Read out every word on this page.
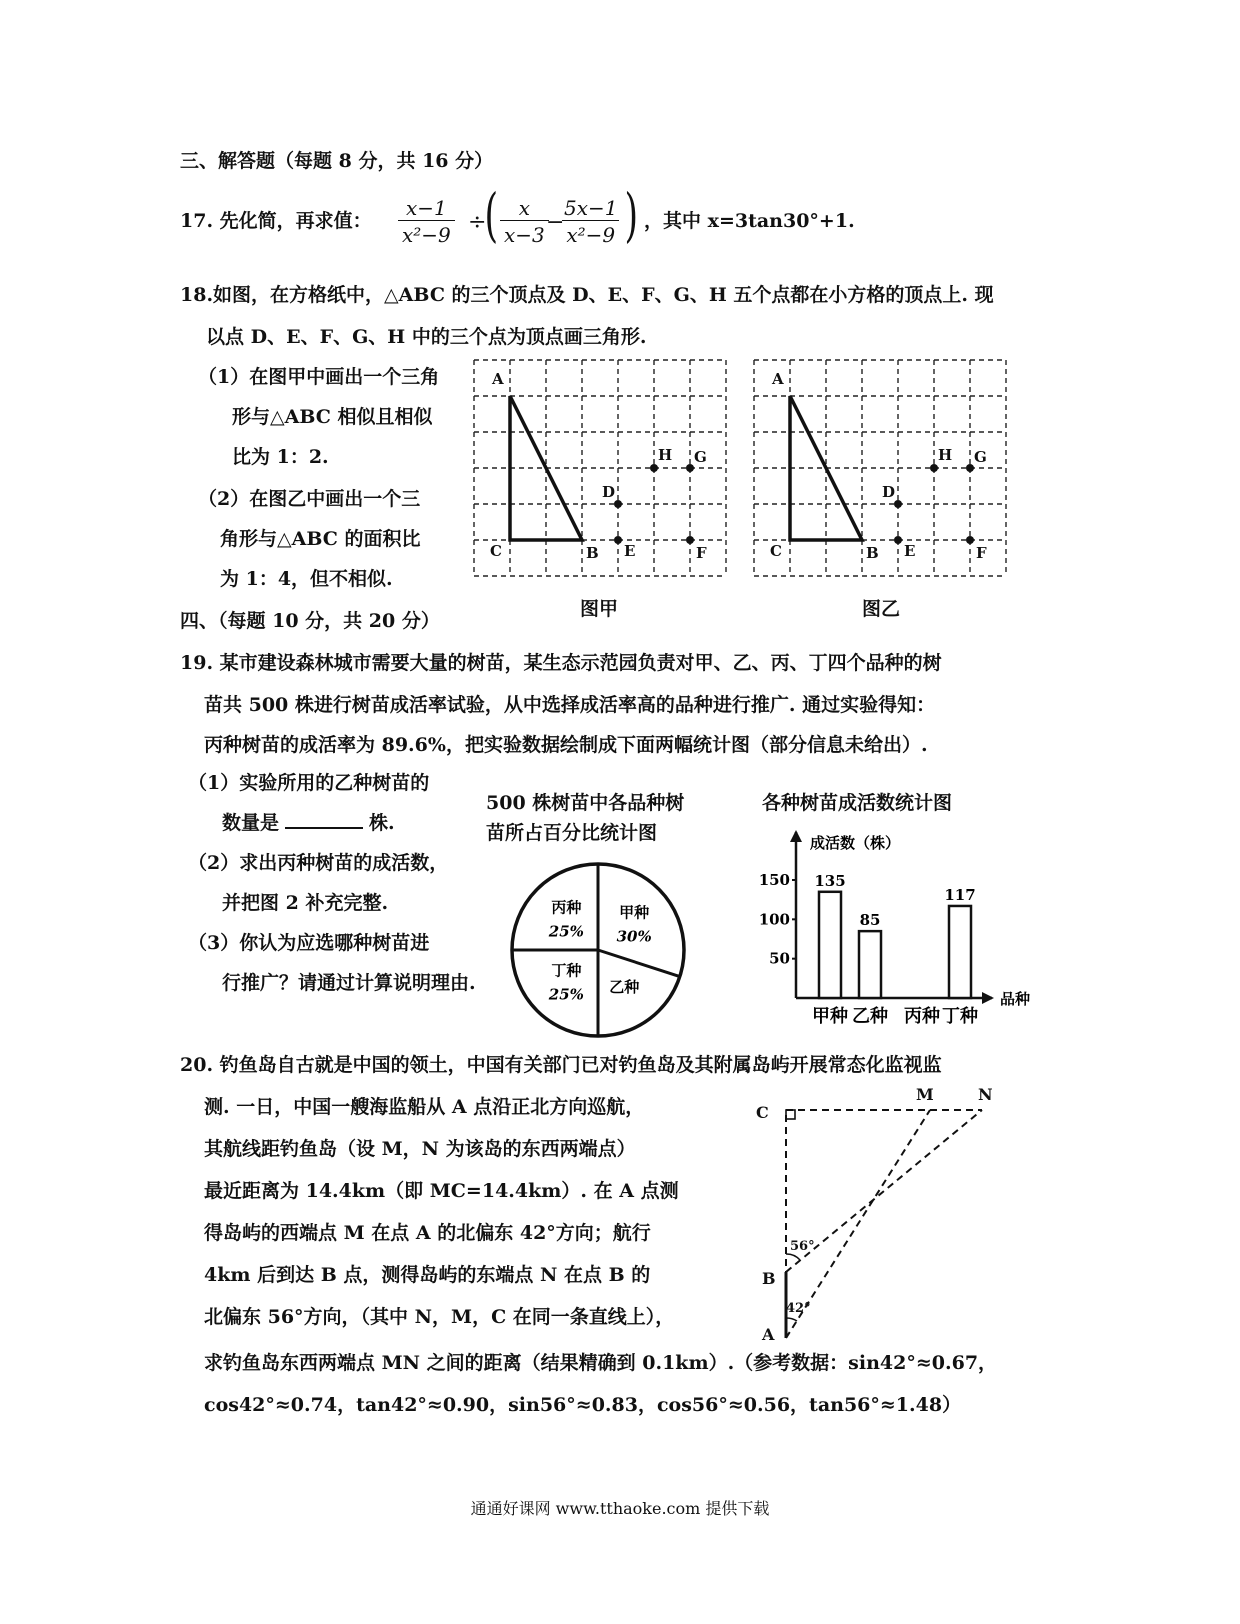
三、解答题（每题 8 分，共 16 分）
17. 先化简，再求值： $\frac{x-1}{\text{x²−9}}$ ÷
( $\frac{x}{x-3}$
−
$\frac{5x-1}{\text{x²−9}}$ ) ，其中 x=3tan30°+1.
18.如图，在方格纸中，△ABC 的三个顶点及 D、E、F、G、H 五个点都在小方格的顶点上. 现
以点 D、E、F、G、H 中的三个点为顶点画三角形.
（1）在图甲中画出一个三角
形与△ABC 相似且相似
比为 1：2.
（2）在图乙中画出一个三
角形与△ABC 的面积比
为 1：4，但不相似.
A
C	B
D
E	F
H G
图甲
A
C	B
D
E	F
H G
图乙
四、（每题 10 分，共 20 分）
19. 某市建设森林城市需要大量的树苗，某生态示范园负责对甲、乙、丙、丁四个品种的树
苗共 500 株进行树苗成活率试验，从中选择成活率高的品种进行推广. 通过实验得知：
丙种树苗的成活率为 89.6%，把实验数据绘制成下面两幅统计图（部分信息未给出）.
（1）实验所用的乙种树苗的
数量是	株.
（2）求出丙种树苗的成活数，
并把图 2 补充完整.
（3）你认为应选哪种树苗进
行推广？请通过计算说明理由.
500 株树苗中各品种树
苗所占百分比统计图
甲种
30%
乙种
丁种
25%
丙种
25%
各种树苗成活数统计图
成活数（株）
品种
50
100
150 135
甲种
85
乙种 丙种
117
丁种
20. 钓鱼岛自古就是中国的领土，中国有关部门已对钓鱼岛及其附属岛屿开展常态化监视监
测. 一日，中国一艘海监船从 A 点沿正北方向巡航，
其航线距钓鱼岛（设 M，N 为该岛的东西两端点）
最近距离为 14.4km（即 MC=14.4km）. 在 A 点测
得岛屿的西端点 M 在点 A 的北偏东 42°方向；航行
4km 后到达 B 点，测得岛屿的东端点 N 在点 B 的
北偏东 56°方向，（其中 N，M，C 在同一条直线上），
求钓鱼岛东西两端点 MN 之间的距离（结果精确到 0.1km）.（参考数据：sin42°≈0.67，
cos42°≈0.74，tan42°≈0.90，sin56°≈0.83，cos56°≈0.56，tan56°≈1.48）
C
M	N
B
A
56°
42°
通通好课网 www.tthaoke.com 提供下载
